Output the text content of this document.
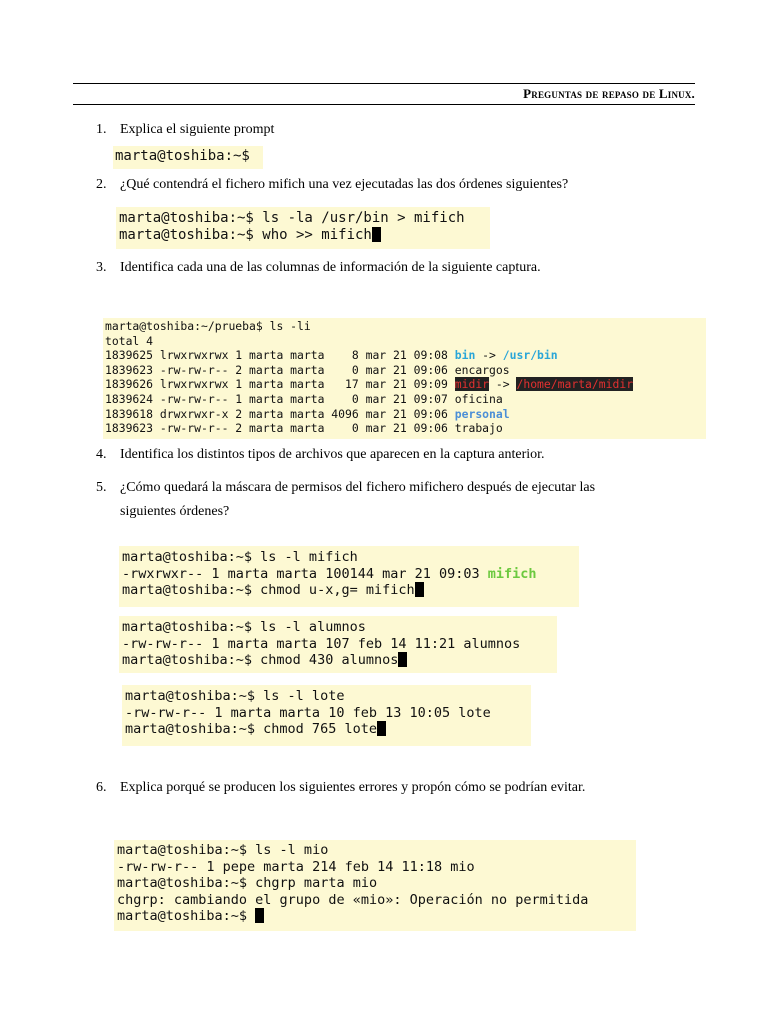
Preguntas de repaso de Linux.
1. Explica el siguiente prompt
marta@toshiba:~$
2. ¿Qué contendrá el fichero mifich una vez ejecutadas las dos órdenes siguientes?
marta@toshiba:~$ ls -la /usr/bin > mifich
marta@toshiba:~$ who >> mifich
3. Identifica cada una de las columnas de información de la siguiente captura.
marta@toshiba:~/prueba$ ls -li
total 4
1839625 lrwxrwxrwx 1 marta marta    8 mar 21 09:08 bin -> /usr/bin
1839623 -rw-rw-r-- 2 marta marta    0 mar 21 09:06 encargos
1839626 lrwxrwxrwx 1 marta marta   17 mar 21 09:09 midir -> /home/marta/midir
1839624 -rw-rw-r-- 1 marta marta    0 mar 21 09:07 oficina
1839618 drwxrwxr-x 2 marta marta 4096 mar 21 09:06 personal
1839623 -rw-rw-r-- 2 marta marta    0 mar 21 09:06 trabajo
4. Identifica los distintos tipos de archivos que aparecen en la captura anterior.
5. ¿Cómo quedará la máscara de permisos del fichero mifichero después de ejecutar las
siguientes órdenes?
marta@toshiba:~$ ls -l mifich
-rwxrwxr-- 1 marta marta 100144 mar 21 09:03 mifich
marta@toshiba:~$ chmod u-x,g= mifich
marta@toshiba:~$ ls -l alumnos
-rw-rw-r-- 1 marta marta 107 feb 14 11:21 alumnos
marta@toshiba:~$ chmod 430 alumnos
marta@toshiba:~$ ls -l lote
-rw-rw-r-- 1 marta marta 10 feb 13 10:05 lote
marta@toshiba:~$ chmod 765 lote
6. Explica porqué se producen los siguientes errores y propón cómo se podrían evitar.
marta@toshiba:~$ ls -l mio
-rw-rw-r-- 1 pepe marta 214 feb 14 11:18 mio
marta@toshiba:~$ chgrp marta mio
chgrp: cambiando el grupo de «mio»: Operación no permitida
marta@toshiba:~$
